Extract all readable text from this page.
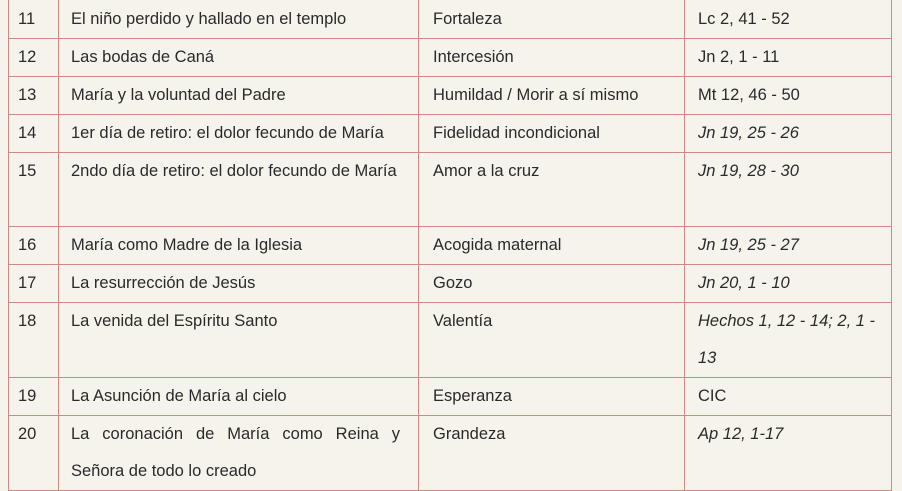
11	El niño perdido y hallado en el templo	Fortaleza	Lc 2, 41 - 52
12	Las bodas de Caná	Intercesión	Jn 2, 1 - 11
13	María y la voluntad del Padre	Humildad / Morir a sí mismo	Mt 12, 46 - 50
14	1er día de retiro: el dolor fecundo de María	Fidelidad incondicional	Jn 19, 25 - 26
15	2ndo día de retiro: el dolor fecundo de María	Amor a la cruz	Jn 19, 28 - 30
16	María como Madre de la Iglesia	Acogida maternal	Jn 19, 25 - 27
17	La resurrección de Jesús	Gozo	Jn 20, 1 - 10
18	La venida del Espíritu Santo	Valentía	Hechos 1, 12 - 14; 2, 1 - 13
19	La Asunción de María al cielo	Esperanza	CIC
20	La coronación de María como Reina y Señora de todo lo creado	Grandeza	Ap 12, 1-17
